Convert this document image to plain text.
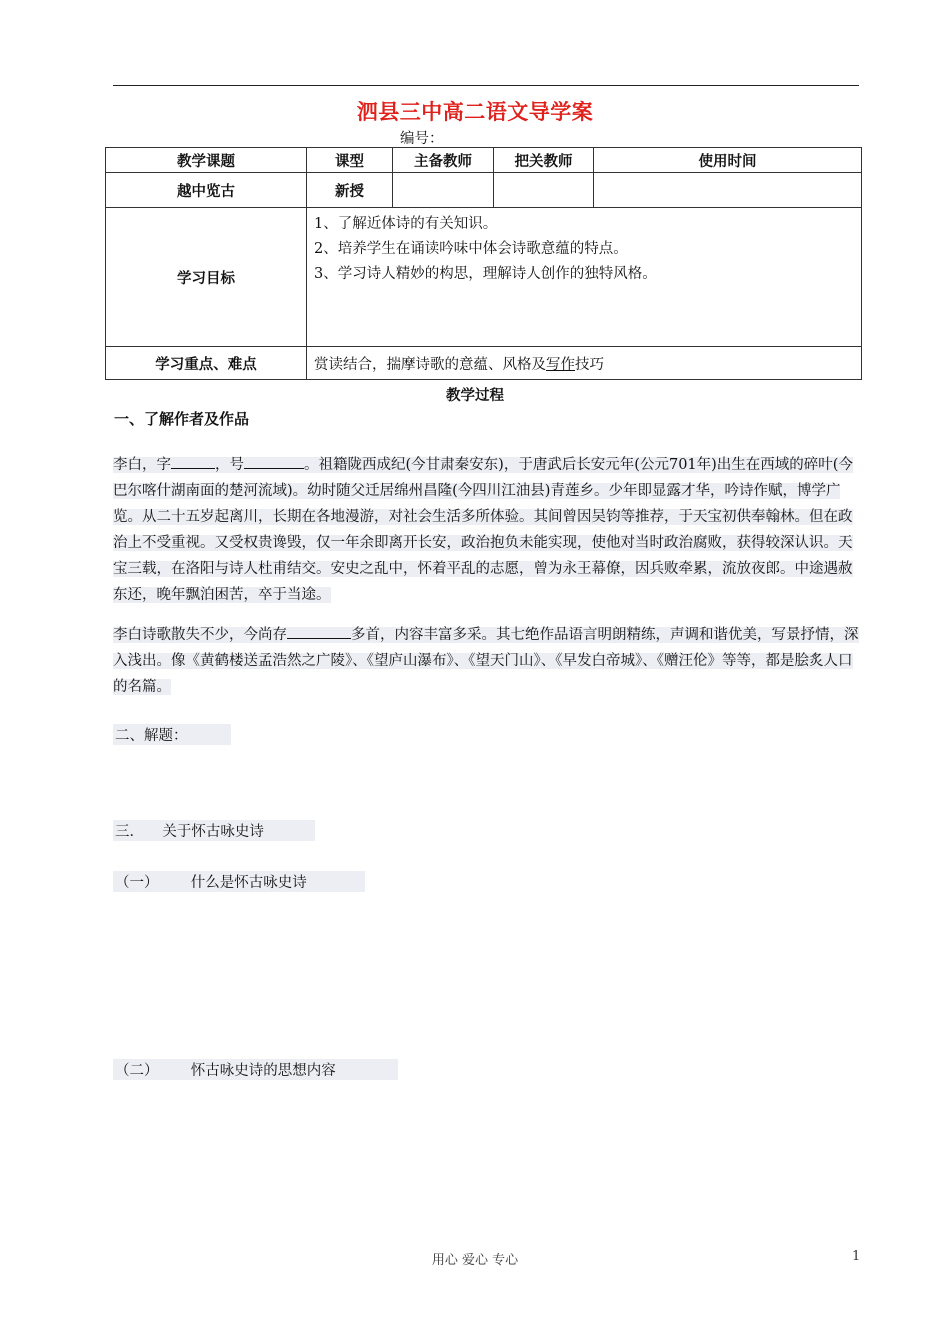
泗县三中高二语文导学案
编号：
教学课题	课型	主备教师	把关教师	使用时间
越中览古	新授			
学习目标	1、了解近体诗的有关知识。
2、培养学生在诵读吟味中体会诗歌意蕴的特点。
3、学习诗人精妙的构思，理解诗人创作的独特风格。			

学习重点、难点	赏读结合，揣摩诗歌的意蕴、风格及写作技巧			
教学过程
一、了解作者及作品
李白，字	，号	。祖籍陇西成纪(今甘肃秦安东)，于唐武后长安元年(公元701年)出生在西域的碎叶(今巴尔喀什湖南面的楚河流域)。幼时随父迁居绵州昌隆(今四川江油县)青莲乡。少年即显露才华，吟诗作赋，博学广览。从二十五岁起离川，长期在各地漫游，对社会生活多所体验。其间曾因吴钧等推荐，于天宝初供奉翰林。但在政治上不受重视。又受权贵谗毁，仅一年余即离开长安，政治抱负未能实现，使他对当时政治腐败，获得较深认识。天宝三载，在洛阳与诗人杜甫结交。安史之乱中，怀着平乱的志愿，曾为永王幕僚，因兵败牵累，流放夜郎。中途遇赦东还，晚年飘泊困苦，卒于当途。
李白诗歌散失不少，今尚存	多首，内容丰富多采。其七绝作品语言明朗精练，声调和谐优美，写景抒情，深入浅出。像《黄鹤楼送孟浩然之广陵》、《望庐山瀑布》、《望天门山》、《早发白帝城》、《赠汪伦》等等，都是脍炙人口的名篇。
二、解题：
三．    关于怀古咏史诗
（一）       什么是怀古咏史诗
（二）       怀古咏史诗的思想内容
用心 爱心 专心	1
